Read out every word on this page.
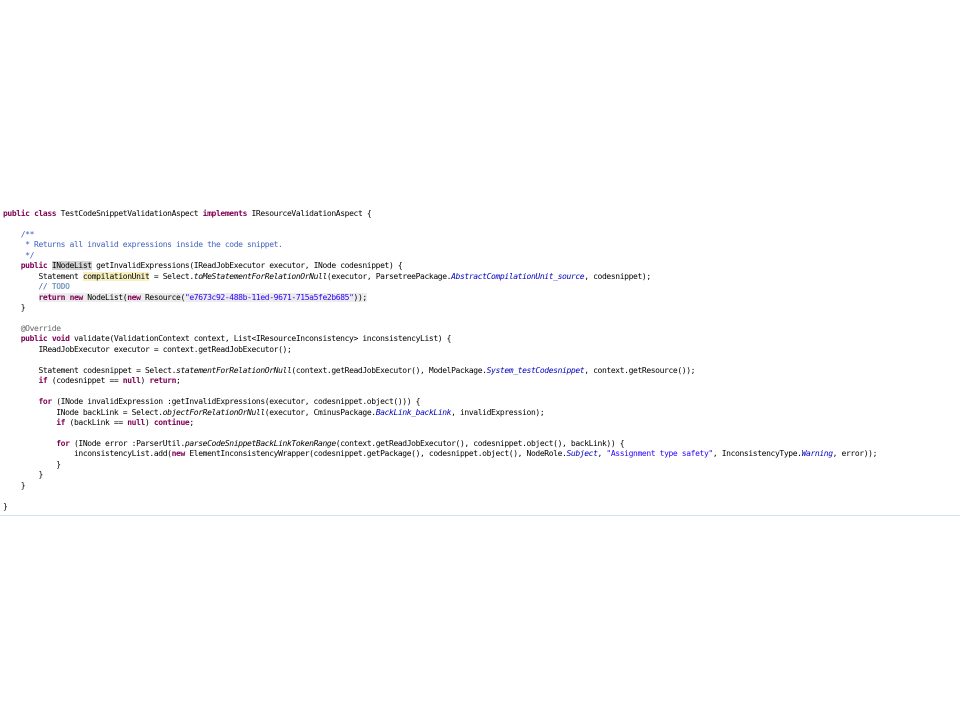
public class TestCodeSnippetValidationAspect implements IResourceValidationAspect {
/**
* Returns all invalid expressions inside the code snippet.
*/
public INodeList getInvalidExpressions(IReadJobExecutor executor, INode codesnippet) {
Statement compilationUnit = Select.toMeStatementForRelationOrNull(executor, ParsetreePackage.AbstractCompilationUnit_source, codesnippet);
// TODO
return new NodeList(new Resource("e7673c92-488b-11ed-9671-715a5fe2b685"));
}
@Override
public void validate(ValidationContext context, List<IResourceInconsistency> inconsistencyList) {
IReadJobExecutor executor = context.getReadJobExecutor();
Statement codesnippet = Select.statementForRelationOrNull(context.getReadJobExecutor(), ModelPackage.System_testCodesnippet, context.getResource());
if (codesnippet == null) return;
for (INode invalidExpression :getInvalidExpressions(executor, codesnippet.object())) {
INode backLink = Select.objectForRelationOrNull(executor, CminusPackage.BackLink_backLink, invalidExpression);
if (backLink == null) continue;
for (INode error :ParserUtil.parseCodeSnippetBackLinkTokenRange(context.getReadJobExecutor(), codesnippet.object(), backLink)) {
inconsistencyList.add(new ElementInconsistencyWrapper(codesnippet.getPackage(), codesnippet.object(), NodeRole.Subject, "Assignment type safety", InconsistencyType.Warning, error));
}
}
}
}
